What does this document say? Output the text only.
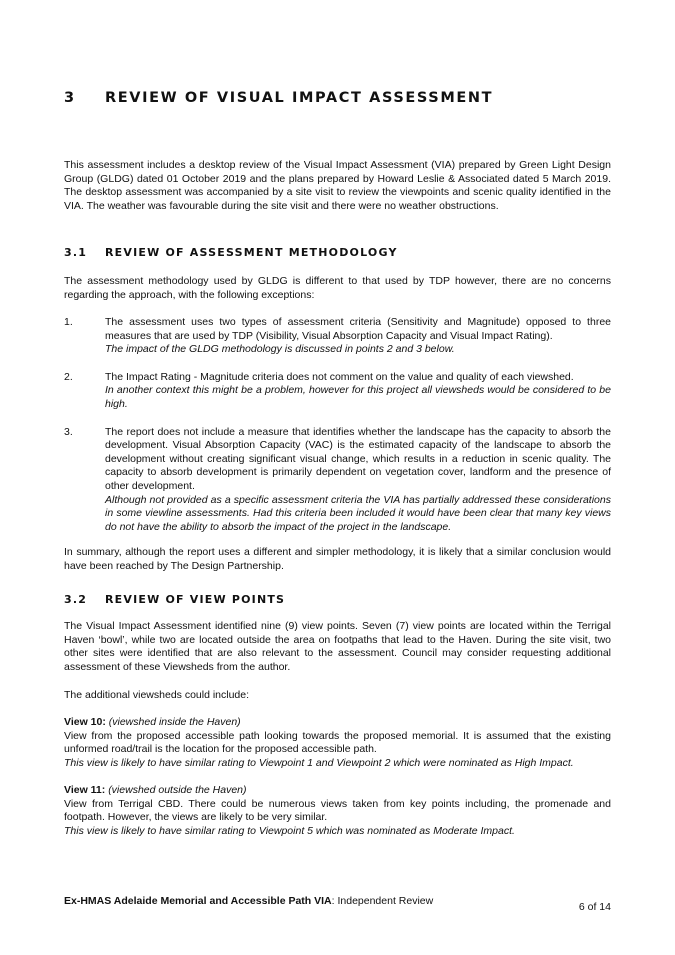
3 REVIEW OF VISUAL IMPACT ASSESSMENT

This assessment includes a desktop review of the Visual Impact Assessment (VIA) prepared by Green Light Design Group (GLDG) dated 01 October 2019 and the plans prepared by Howard Leslie & Associated dated 5 March 2019. The desktop assessment was accompanied by a site visit to review the viewpoints and scenic quality identified in the VIA. The weather was favourable during the site visit and there were no weather obstructions.

3.1 REVIEW OF ASSESSMENT METHODOLOGY

The assessment methodology used by GLDG is different to that used by TDP however, there are no concerns regarding the approach, with the following exceptions:

1.	The assessment uses two types of assessment criteria (Sensitivity and Magnitude) opposed to three measures that are used by TDP (Visibility, Visual Absorption Capacity and Visual Impact Rating).

The impact of the GLDG methodology is discussed in points 2 and 3 below.

2.	The Impact Rating - Magnitude criteria does not comment on the value and quality of each viewshed.

In another context this might be a problem, however for this project all viewsheds would be considered to be high.

3.	The report does not include a measure that identifies whether the landscape has the capacity to absorb the development. Visual Absorption Capacity (VAC) is the estimated capacity of the landscape to absorb the development without creating significant visual change, which results in a reduction in scenic quality. The capacity to absorb development is primarily dependent on vegetation cover, landform and the presence of other development.

Although not provided as a specific assessment criteria the VIA has partially addressed these considerations in some viewline assessments. Had this criteria been included it would have been clear that many key views do not have the ability to absorb the impact of the project in the landscape.

In summary, although the report uses a different and simpler methodology, it is likely that a similar conclusion would have been reached by The Design Partnership.

3.2 REVIEW OF VIEW POINTS

The Visual Impact Assessment identified nine (9) view points. Seven (7) view points are located within the Terrigal Haven ‘bowl’, while two are located outside the area on footpaths that lead to the Haven. During the site visit, two other sites were identified that are also relevant to the assessment. Council may consider requesting additional assessment of these Viewsheds from the author.

The additional viewsheds could include:

View 10: (viewshed inside the Haven)

View from the proposed accessible path looking towards the proposed memorial. It is assumed that the existing unformed road/trail is the location for the proposed accessible path.

This view is likely to have similar rating to Viewpoint 1 and Viewpoint 2 which were nominated as High Impact.

View 11: (viewshed outside the Haven)

View from Terrigal CBD. There could be numerous views taken from key points including, the promenade and footpath. However, the views are likely to be very similar.

This view is likely to have similar rating to Viewpoint 5 which was nominated as Moderate Impact.

Ex-HMAS Adelaide Memorial and Accessible Path VIA: Independent Review	6 of 14
